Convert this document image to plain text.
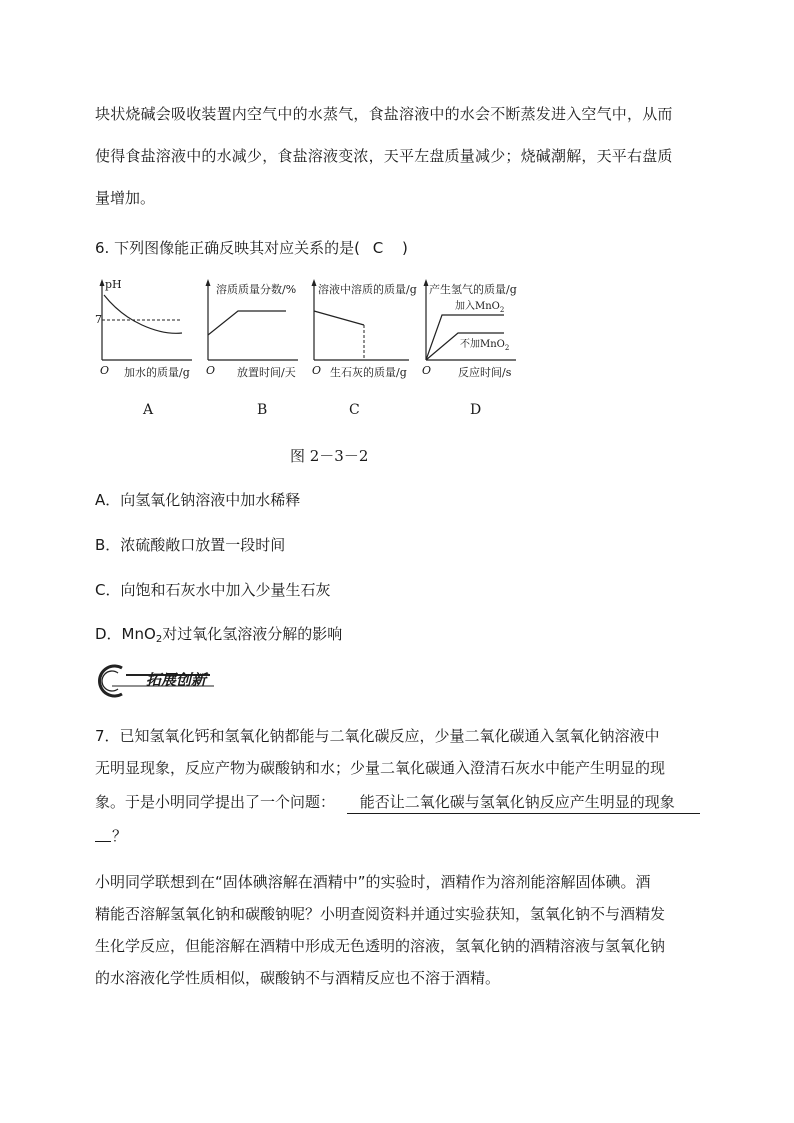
块状烧碱会吸收装置内空气中的水蒸气，食盐溶液中的水会不断蒸发进入空气中，从而
使得食盐溶液中的水减少，食盐溶液变浓，天平左盘质量减少；烧碱潮解，天平右盘质
量增加。
6. 下列图像能正确反映其对应关系的是( C )
pH
7
O 加水的质量/g
A
溶质质量分数/%
O 放置时间/天
B
溶液中溶质的质量/g
O 生石灰的质量/g
C
产生氢气的质量/g
加入MnO$_2$
不加MnO$_2$
O 反应时间/s
D
图 2－3－2
A．向氢氧化钠溶液中加水稀释
B．浓硫酸敞口放置一段时间
C．向饱和石灰水中加入少量生石灰
D．MnO$_2$对过氧化氢溶液分解的影响
拓展创新
7．已知氢氧化钙和氢氧化钠都能与二氧化碳反应，少量二氧化碳通入氢氧化钠溶液中
无明显现象，反应产物为碳酸钠和水；少量二氧化碳通入澄清石灰水中能产生明显的现
象。于是小明同学提出了一个问题： 能否让二氧化碳与氢氧化钠反应产生明显的现象
？
小明同学联想到在“固体碘溶解在酒精中”的实验时，酒精作为溶剂能溶解固体碘。酒
精能否溶解氢氧化钠和碳酸钠呢？小明查阅资料并通过实验获知，氢氧化钠不与酒精发
生化学反应，但能溶解在酒精中形成无色透明的溶液，氢氧化钠的酒精溶液与氢氧化钠
的水溶液化学性质相似，碳酸钠不与酒精反应也不溶于酒精。
